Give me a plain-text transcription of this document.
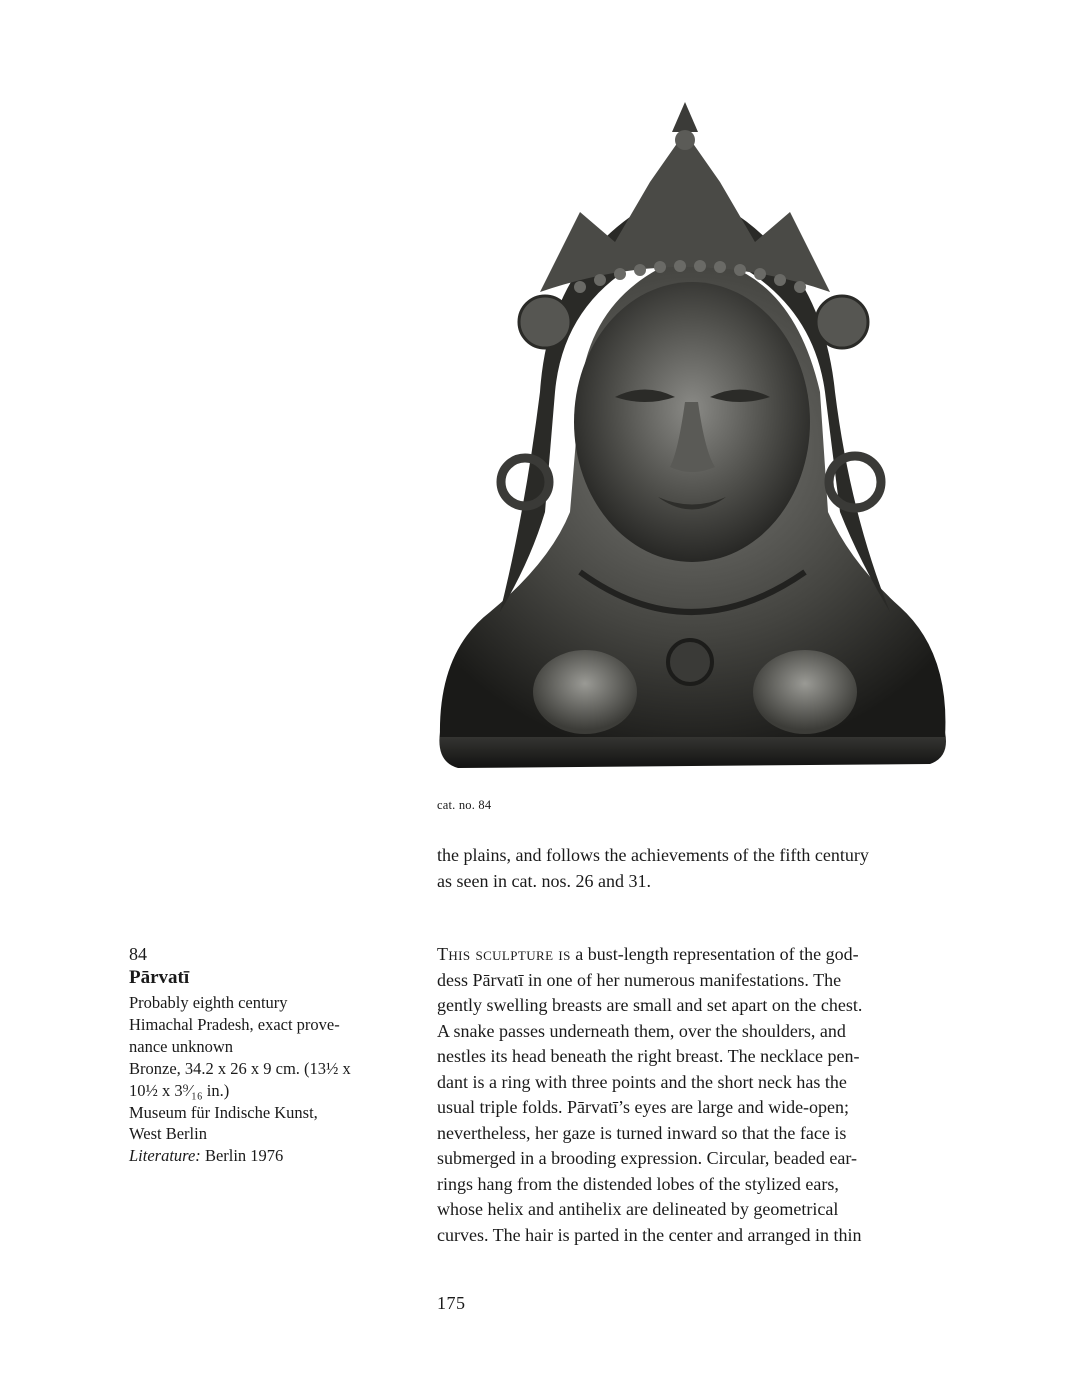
cat. no. 84
the plains, and follows the achievements of the fifth century
as seen in cat. nos. 26 and 31.
84
Pārvatī
Probably eighth century
Himachal Pradesh, exact prove-
nance unknown
Bronze, 34.2 x 26 x 9 cm. (13½ x
10½ x 3⁹⁄₁₆ in.)
Museum für Indische Kunst,
West Berlin
Literature: Berlin 1976
This sculpture is a bust-length representation of the god-
dess Pārvatī in one of her numerous manifestations. The
gently swelling breasts are small and set apart on the chest.
A snake passes underneath them, over the shoulders, and
nestles its head beneath the right breast. The necklace pen-
dant is a ring with three points and the short neck has the
usual triple folds. Pārvatī’s eyes are large and wide-open;
nevertheless, her gaze is turned inward so that the face is
submerged in a brooding expression. Circular, beaded ear-
rings hang from the distended lobes of the stylized ears,
whose helix and antihelix are delineated by geometrical
curves. The hair is parted in the center and arranged in thin
175
